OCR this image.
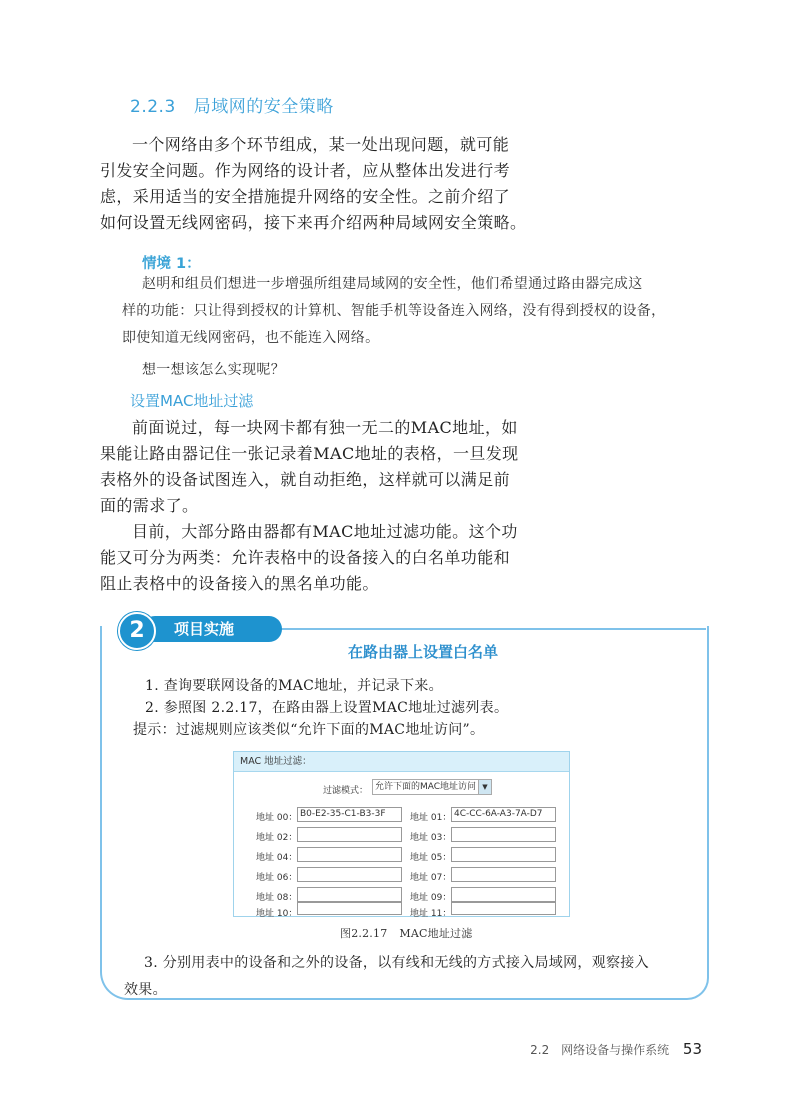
2.2.3 局域网的安全策略
一个网络由多个环节组成，某一处出现问题，就可能
引发安全问题。作为网络的设计者，应从整体出发进行考
虑，采用适当的安全措施提升网络的安全性。之前介绍了
如何设置无线网密码，接下来再介绍两种局域网安全策略。
情境 1：
赵明和组员们想进一步增强所组建局域网的安全性，他们希望通过路由器完成这
样的功能：只让得到授权的计算机、智能手机等设备连入网络，没有得到授权的设备，
即使知道无线网密码，也不能连入网络。
想一想该怎么实现呢？
设置MAC地址过滤
前面说过，每一块网卡都有独一无二的MAC地址，如
果能让路由器记住一张记录着MAC地址的表格，一旦发现
表格外的设备试图连入，就自动拒绝，这样就可以满足前
面的需求了。
目前，大部分路由器都有MAC地址过滤功能。这个功
能又可分为两类：允许表格中的设备接入的白名单功能和
阻止表格中的设备接入的黑名单功能。
项目实施
2
在路由器上设置白名单
1. 查询要联网设备的MAC地址，并记录下来。
2. 参照图 2.2.17，在路由器上设置MAC地址过滤列表。
提示：过滤规则应该类似“允许下面的MAC地址访问”。
MAC 地址过滤：
过滤模式： 允许下面的MAC地址访问 ▼
地址 00： B0-E2-35-C1-B3-3F	地址 01： 4C-CC-6A-A3-7A-D7
地址 02：	地址 03：
地址 04：	地址 05：
地址 06：	地址 07：
地址 08：	地址 09：
地址 10：	地址 11：
图2.2.17 MAC地址过滤
3. 分别用表中的设备和之外的设备，以有线和无线的方式接入局域网，观察接入
效果。
2.2 网络设备与操作系统 53
